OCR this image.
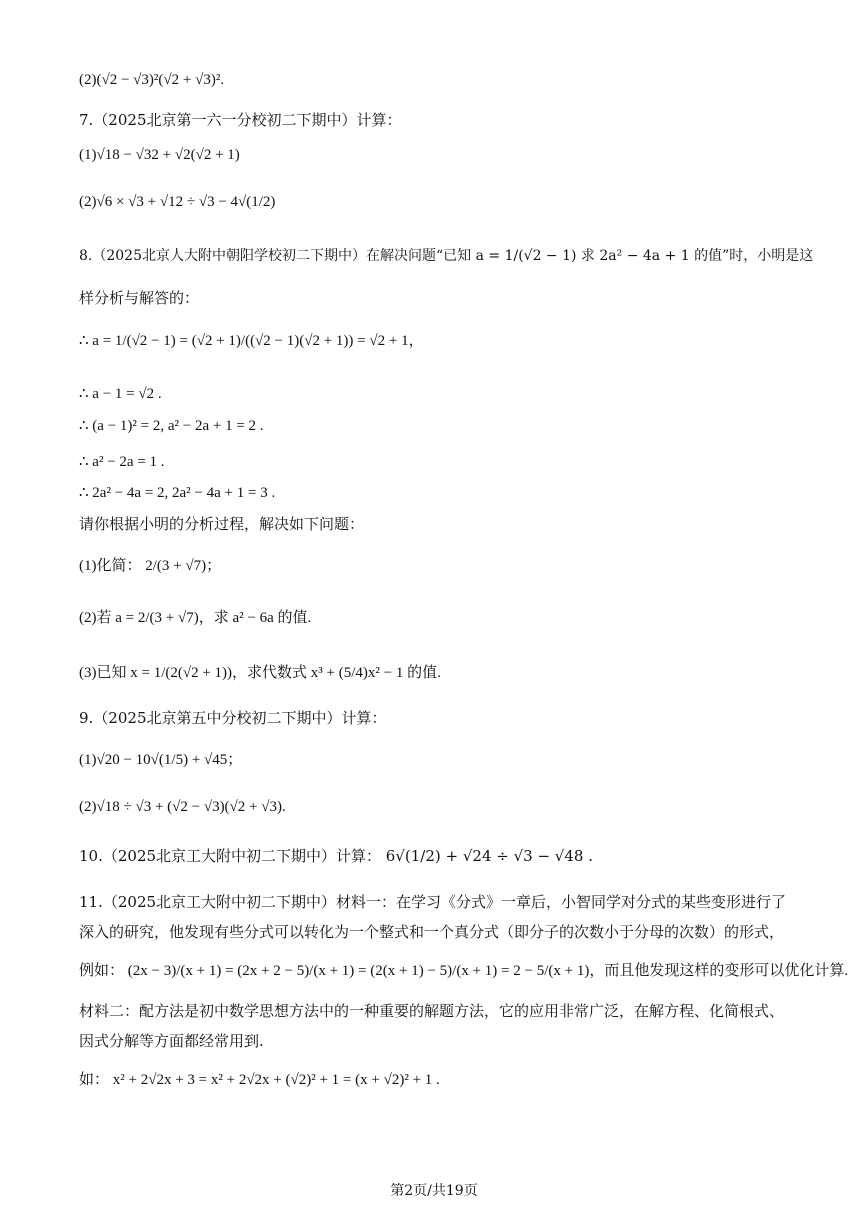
(2)(√2 − √3)²(√2 + √3)².
7.（2025北京第一六一分校初二下期中）计算：
(1)√18 − √32 + √2(√2 + 1)
(2)√6 × √3 + √12 ÷ √3 − 4√(1/2)
8.（2025北京人大附中朝阳学校初二下期中）在解决问题“已知 a = 1/(√2 − 1) 求 2a² − 4a + 1 的值”时，小明是这
样分析与解答的：
∴ a = 1/(√2 − 1) = (√2 + 1)/((√2 − 1)(√2 + 1)) = √2 + 1，
∴ a − 1 = √2 .
∴ (a − 1)² = 2, a² − 2a + 1 = 2 .
∴ a² − 2a = 1 .
∴ 2a² − 4a = 2, 2a² − 4a + 1 = 3 .
请你根据小明的分析过程，解决如下问题：
(1)化简： 2/(3 + √7)；
(2)若 a = 2/(3 + √7)，求 a² − 6a 的值.
(3)已知 x = 1/(2(√2 + 1))，求代数式 x³ + (5/4)x² − 1 的值.
9.（2025北京第五中分校初二下期中）计算：
(1)√20 − 10√(1/5) + √45；
(2)√18 ÷ √3 + (√2 − √3)(√2 + √3).
10.（2025北京工大附中初二下期中）计算： 6√(1/2) + √24 ÷ √3 − √48 .
11.（2025北京工大附中初二下期中）材料一：在学习《分式》一章后，小智同学对分式的某些变形进行了深入的研究，他发现有些分式可以转化为一个整式和一个真分式（即分子的次数小于分母的次数）的形式，
例如： (2x − 3)/(x + 1) = (2x + 2 − 5)/(x + 1) = (2(x + 1) − 5)/(x + 1) = 2 − 5/(x + 1)，而且他发现这样的变形可以优化计算.
材料二：配方法是初中数学思想方法中的一种重要的解题方法，它的应用非常广泛，在解方程、化简根式、因式分解等方面都经常用到.
如： x² + 2√2x + 3 = x² + 2√2x + (√2)² + 1 = (x + √2)² + 1 .
第2页/共19页
